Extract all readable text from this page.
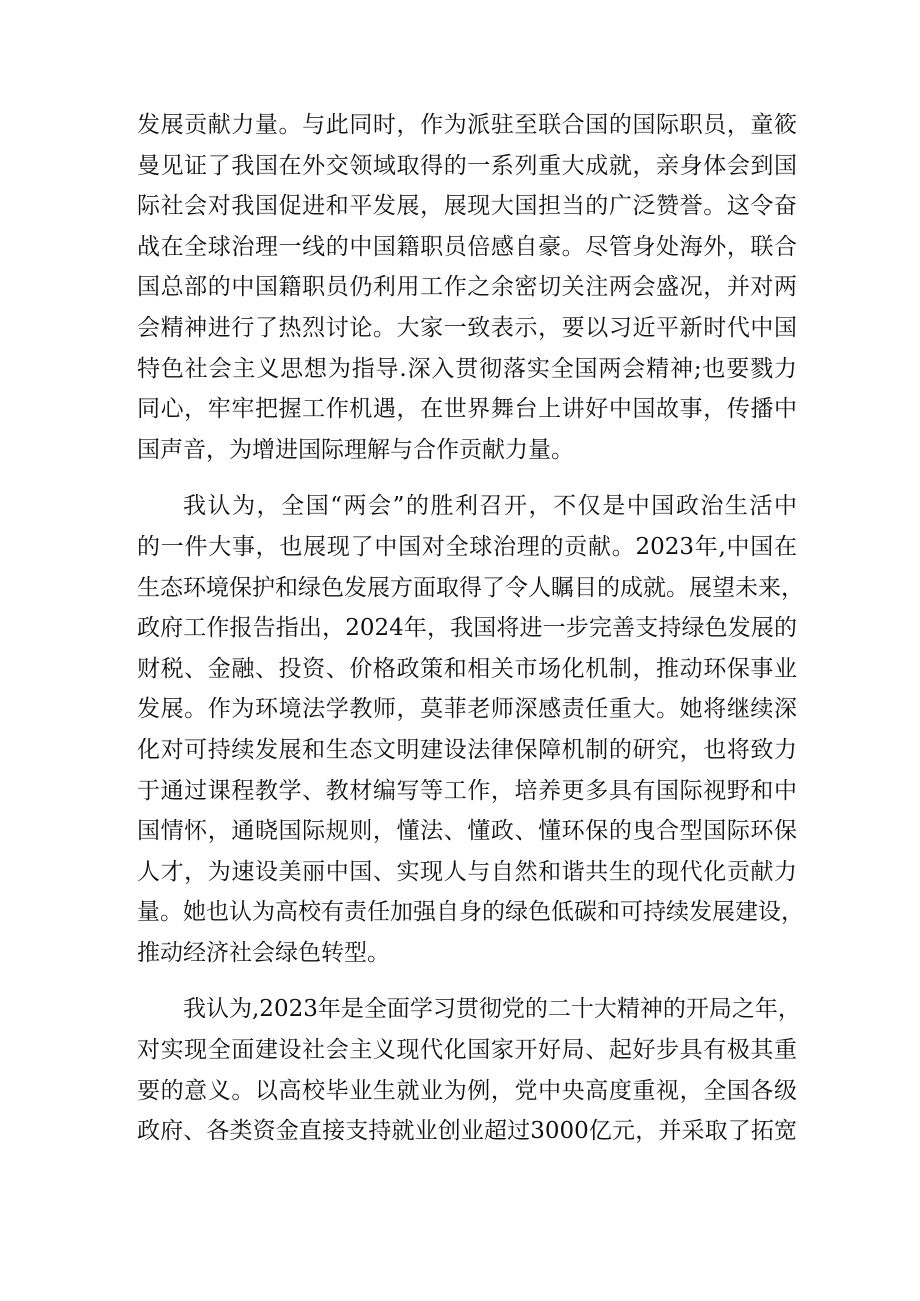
发展贡献力量。与此同时，作为派驻至联合国的国际职员，童筱
曼见证了我国在外交领域取得的一系列重大成就，亲身体会到国
际社会对我国促进和平发展，展现大国担当的广泛赞誉。这令奋
战在全球治理一线的中国籍职员倍感自豪。尽管身处海外，联合
国总部的中国籍职员仍利用工作之余密切关注两会盛况，并对两
会精神进行了热烈讨论。大家一致表示，要以习近平新时代中国
特色社会主义思想为指导.深入贯彻落实全国两会精神;也要戮力
同心，牢牢把握工作机遇，在世界舞台上讲好中国故事，传播中
国声音，为增进国际理解与合作贡献力量。
我认为，全国“两会”的胜利召开，不仅是中国政治生活中
的一件大事，也展现了中国对全球治理的贡献。2023年,中国在
生态环境保护和绿色发展方面取得了令人瞩目的成就。展望未来，
政府工作报告指出，2024年，我国将进一步完善支持绿色发展的
财税、金融、投资、价格政策和相关市场化机制，推动环保事业
发展。作为环境法学教师，莫菲老师深感责任重大。她将继续深
化对可持续发展和生态文明建设法律保障机制的研究，也将致力
于通过课程教学、教材编写等工作，培养更多具有国际视野和中
国情怀，通晓国际规则，懂法、懂政、懂环保的曳合型国际环保
人才，为速设美丽中国、实现人与自然和谐共生的现代化贡献力
量。她也认为高校有责任加强自身的绿色低碳和可持续发展建设，
推动经济社会绿色转型。
我认为,2023年是全面学习贯彻党的二十大精神的开局之年，
对实现全面建设社会主义现代化国家开好局、起好步具有极其重
要的意义。以高校毕业生就业为例，党中央高度重视，全国各级
政府、各类资金直接支持就业创业超过3000亿元，并采取了拓宽
